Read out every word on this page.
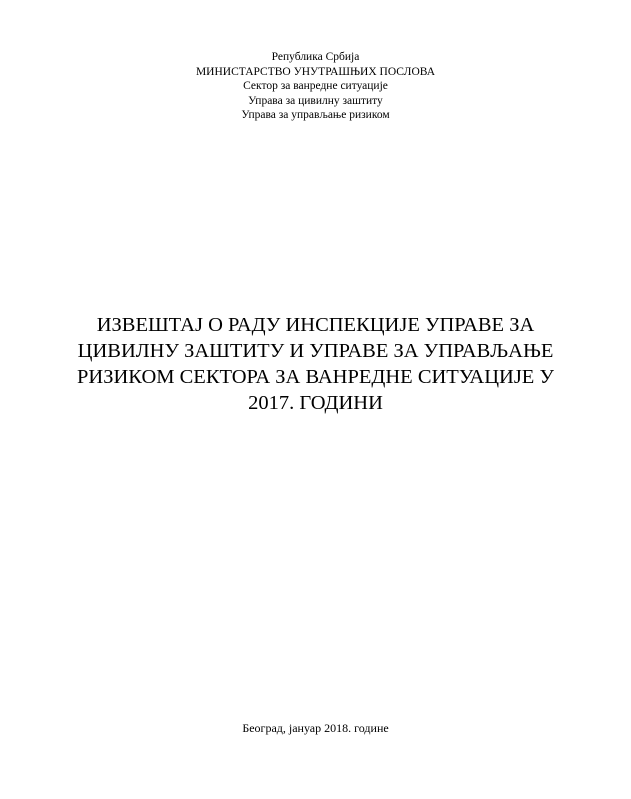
Република Србија
МИНИСТАРСТВО УНУТРАШЊИХ ПОСЛОВА
Сектор за ванредне ситуације
Управа за цивилну заштиту
Управа за управљање ризиком
ИЗВЕШТАЈ О РАДУ ИНСПЕКЦИЈЕ УПРАВЕ ЗА
ЦИВИЛНУ ЗАШТИТУ И УПРАВЕ ЗА УПРАВЉАЊЕ
РИЗИКОМ СЕКТОРА ЗА ВАНРЕДНЕ СИТУАЦИЈЕ У
2017. ГОДИНИ
Београд, јануар 2018. године
